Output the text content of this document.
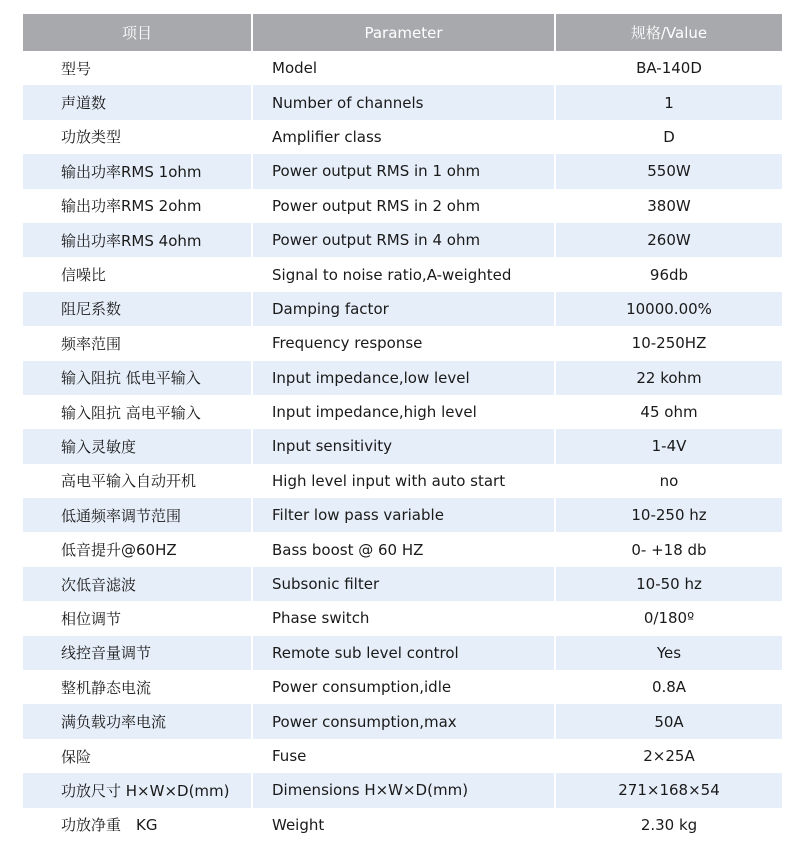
项目	Parameter	规格/Value
型号	Model	BA-140D
声道数	Number of channels	1
功放类型	Amplifier class	D
输出功率RMS 1ohm	Power output RMS in 1 ohm	550W
输出功率RMS 2ohm	Power output RMS in 2 ohm	380W
输出功率RMS 4ohm	Power output RMS in 4 ohm	260W
信噪比	Signal to noise ratio,A-weighted	96db
阻尼系数	Damping factor	10000.00%
频率范围	Frequency response	10-250HZ
输入阻抗 低电平输入	Input impedance,low level	22 kohm
输入阻抗 高电平输入	Input impedance,high level	45 ohm
输入灵敏度	Input sensitivity	1-4V
高电平输入自动开机	High level input with auto start	no
低通频率调节范围	Filter low pass variable	10-250 hz
低音提升@60HZ	Bass boost @ 60 HZ	0- +18 db
次低音滤波	Subsonic filter	10-50 hz
相位调节	Phase switch	0/180º
线控音量调节	Remote sub level control	Yes
整机静态电流	Power consumption,idle	0.8A
满负载功率电流	Power consumption,max	50A
保险	Fuse	2×25A
功放尺寸 H×W×D(mm)	Dimensions H×W×D(mm)	271×168×54
功放净重　KG	Weight	2.30 kg
